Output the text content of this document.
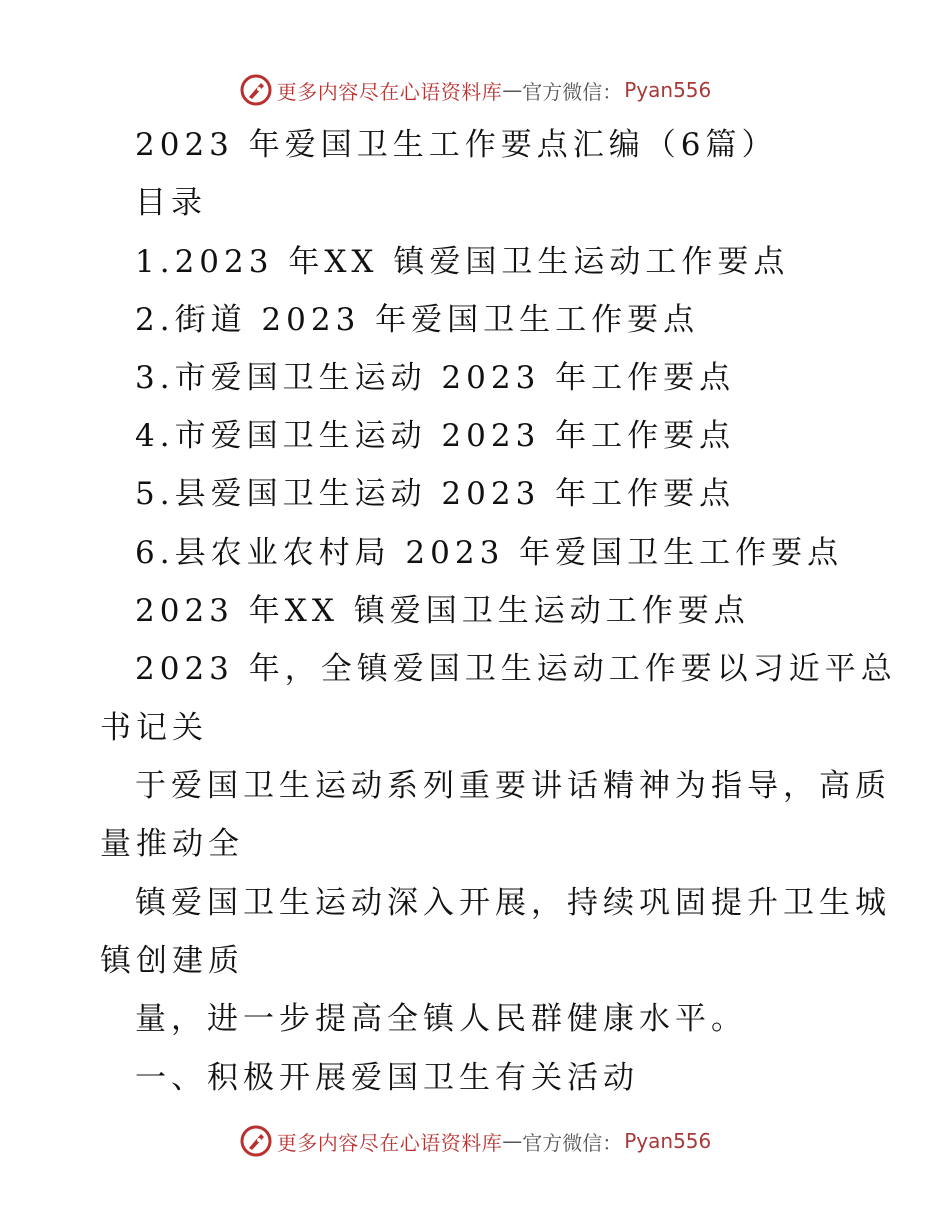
更多内容尽在心语资料库 — 官方微信： Pyan556
2023 年爱国卫生工作要点汇编（6篇）
目录
1.2023 年XX 镇爱国卫生运动工作要点
2.街道 2023 年爱国卫生工作要点
3.市爱国卫生运动 2023 年工作要点
4.市爱国卫生运动 2023 年工作要点
5.县爱国卫生运动 2023 年工作要点
6.县农业农村局 2023 年爱国卫生工作要点
2023 年XX 镇爱国卫生运动工作要点
2023 年，全镇爱国卫生运动工作要以习近平总
书记关
于爱国卫生运动系列重要讲话精神为指导，高质
量推动全
镇爱国卫生运动深入开展，持续巩固提升卫生城
镇创建质
量，进一步提高全镇人民群健康水平。
一、积极开展爱国卫生有关活动
更多内容尽在心语资料库 — 官方微信： Pyan556
